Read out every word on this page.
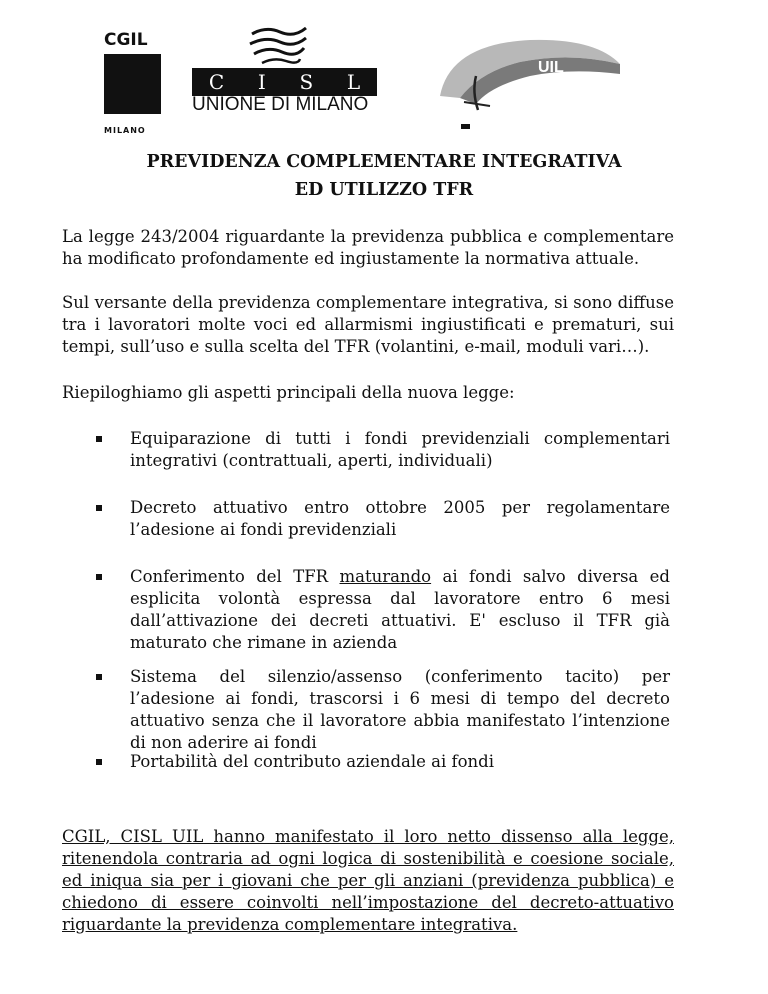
CGIL
MILANO
C I S L
UNIONE DI MILANO
UIL
PREVIDENZA COMPLEMENTARE INTEGRATIVA
ED UTILIZZO TFR
La legge 243/2004 riguardante la previdenza pubblica e complementare ha modificato profondamente ed ingiustamente la normativa attuale.
Sul versante della previdenza complementare integrativa, si sono diffuse tra i lavoratori molte voci ed allarmismi ingiustificati e prematuri, sui tempi, sull’uso e sulla scelta del TFR (volantini, e-mail, moduli vari…).
Riepiloghiamo gli aspetti principali della nuova legge:
Equiparazione di tutti i fondi previdenziali complementari integrativi (contrattuali, aperti, individuali)
Decreto attuativo entro ottobre 2005 per regolamentare l’adesione ai fondi previdenziali
Conferimento del TFR maturando ai fondi salvo diversa ed esplicita volontà espressa dal lavoratore entro 6 mesi dall’attivazione dei decreti attuativi. E' escluso il TFR già maturato che rimane in azienda
Sistema del silenzio/assenso (conferimento tacito) per l’adesione ai fondi, trascorsi i 6 mesi di tempo del decreto attuativo senza che il lavoratore abbia manifestato l’intenzione di non aderire ai fondi
Portabilità del contributo aziendale ai fondi
CGIL, CISL UIL hanno manifestato il loro netto dissenso alla legge, ritenendola contraria ad ogni logica di sostenibilità e coesione sociale, ed iniqua sia per i giovani che per gli anziani (previdenza pubblica) e chiedono di essere coinvolti nell’impostazione del decreto-attuativo riguardante la previdenza complementare integrativa.
